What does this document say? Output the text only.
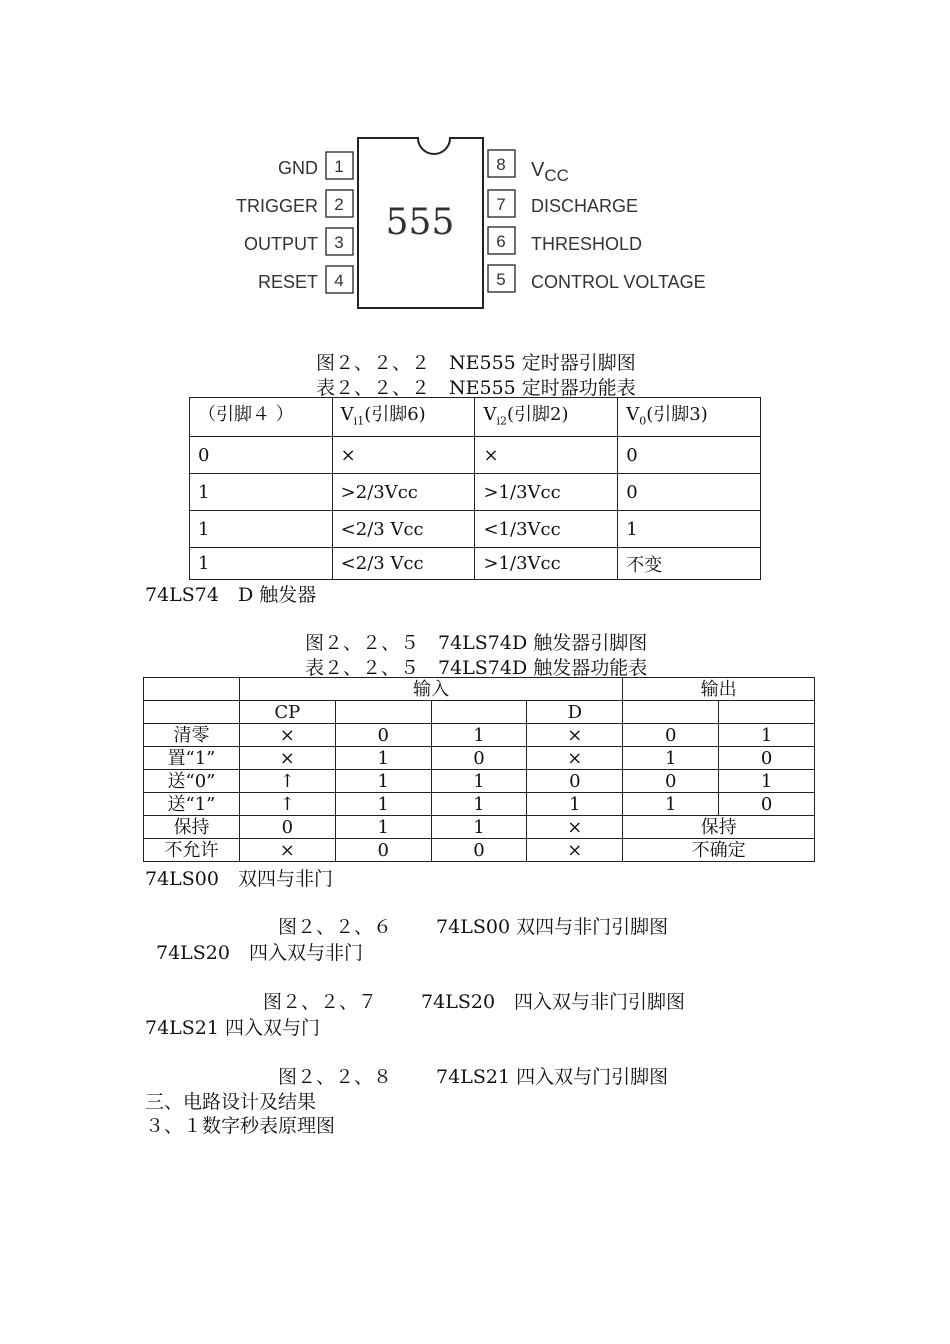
555
1
2
3
4
8
7
6
5
GND
TRIGGER
OUTPUT
RESET
$V_{CC}$
DISCHARGE
THRESHOLD
CONTROL VOLTAGE
图２、２、２　NE555 定时器引脚图
表２、２、２　NE555 定时器功能表
（引脚４ ）	$V_{i1}$(引脚6)	$V_{i2}$(引脚2)	$V_0$(引脚3)
0	×	×	0
1	>2/3Vcc	>1/3Vcc	0
1	<2/3 Vcc	<1/3Vcc	1
1	<2/3 Vcc	>1/3Vcc	不变
74LS74　D 触发器
图２、２、５　74LS74D 触发器引脚图
表２、２、５　74LS74D 触发器功能表
	输入				输出	
	CP			D		
清零	×	0	1	×	0	1
置“1”	×	1	0	×	1	0
送“0”	↑	1	1	0	0	1
送“1”	↑	1	1	1	1	0
保持	0	1	1	×	保持	
不允许	×	0	0	×	不确定	
74LS00　双四与非门
图２、２、６　　 74LS00 双四与非门引脚图
74LS20　四入双与非门
图２、２、７　　 74LS20　四入双与非门引脚图
74LS21 四入双与门
图２、２、８　　 74LS21 四入双与门引脚图
三、电路设计及结果
３、１数字秒表原理图
